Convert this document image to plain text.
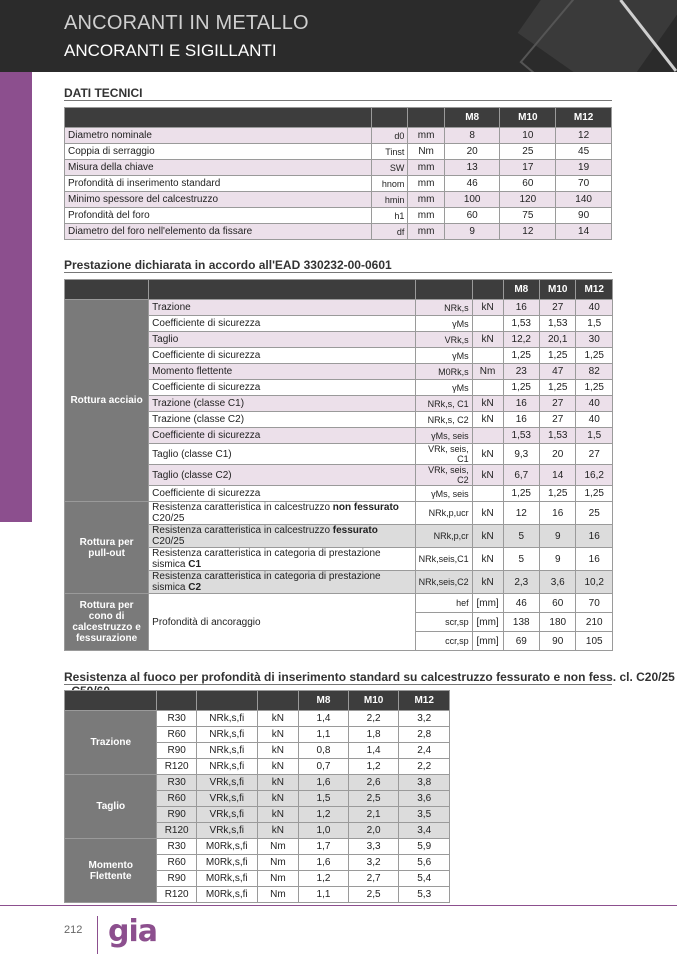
ANCORANTI IN METALLO
ANCORANTI E SIGILLANTI
DATI TECNICI
			M8	M10	M12
Diametro nominale	d0	mm	8	10	12
Coppia di serraggio	Tinst	Nm	20	25	45
Misura della chiave	SW	mm	13	17	19
Profondità di inserimento standard	hnom	mm	46	60	70
Minimo spessore del calcestruzzo	hmin	mm	100	120	140
Profondità del foro	h1	mm	60	75	90
Diametro del foro nell'elemento da fissare	df	mm	9	12	14
Prestazione dichiarata in accordo all'EAD 330232-00-0601
				M8	M10	M12
Rottura acciaio	Trazione	NRk,s	kN	16	27	40
	Coefficiente di sicurezza	γMs		1,53	1,53	1,5
	Taglio	VRk,s	kN	12,2	20,1	30
	Coefficiente di sicurezza	γMs		1,25	1,25	1,25
	Momento flettente	M0Rk,s	Nm	23	47	82
	Coefficiente di sicurezza	γMs		1,25	1,25	1,25
	Trazione (classe C1)	NRk,s, C1	kN	16	27	40
	Trazione (classe C2)	NRk,s, C2	kN	16	27	40
	Coefficiente di sicurezza	γMs, seis		1,53	1,53	1,5
	Taglio (classe C1)	VRk, seis, C1	kN	9,3	20	27
	Taglio (classe C2)	VRk, seis, C2	kN	6,7	14	16,2
	Coefficiente di sicurezza	γMs, seis		1,25	1,25	1,25
Rottura per pull-out	Resistenza caratteristica in calcestruzzo non fessurato C20/25	NRk,p,ucr	kN	12	16	25
	Resistenza caratteristica in calcestruzzo fessurato C20/25	NRk,p,cr	kN	5	9	16
	Resistenza caratteristica in categoria di prestazione sismica C1	NRk,seis,C1	kN	5	9	16
	Resistenza caratteristica in categoria di prestazione sismica C2	NRk,seis,C2	kN	2,3	3,6	10,2
Rottura per cono di calcestruzzo e fessurazione	Profondità di ancoraggio	hef	[mm]	46	60	70
		scr,sp	[mm]	138	180	210
		ccr,sp	[mm]	69	90	105
Resistenza al fuoco per profondità di inserimento standard su calcestruzzo fessurato e non fess. cl. C20/25
				M8	M10	M12
Trazione	R30	NRk,s,fi	kN	1,4	2,2	3,2
	R60	NRk,s,fi	kN	1,1	1,8	2,8
	R90	NRk,s,fi	kN	0,8	1,4	2,4
	R120	NRk,s,fi	kN	0,7	1,2	2,2
Taglio	R30	VRk,s,fi	kN	1,6	2,6	3,8
	R60	VRk,s,fi	kN	1,5	2,5	3,6
	R90	VRk,s,fi	kN	1,2	2,1	3,5
	R120	VRk,s,fi	kN	1,0	2,0	3,4
Momento Flettente	R30	M0Rk,s,fi	Nm	1,7	3,3	5,9
	R60	M0Rk,s,fi	Nm	1,6	3,2	5,6
	R90	M0Rk,s,fi	Nm	1,2	2,7	5,4
	R120	M0Rk,s,fi	Nm	1,1	2,5	5,3
212 gia
